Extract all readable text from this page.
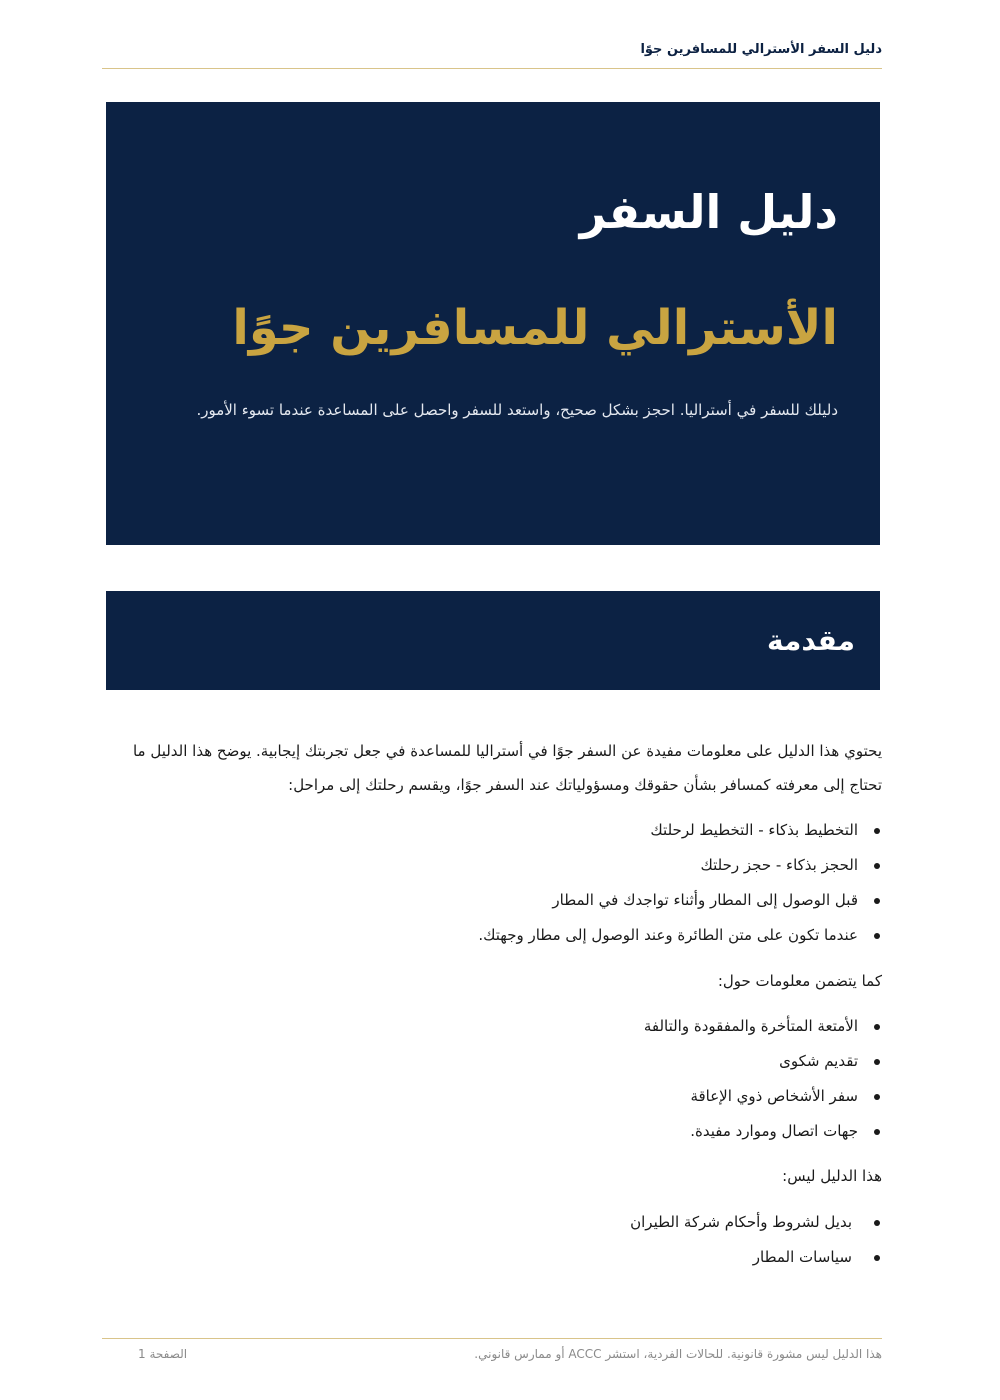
دليل السفر الأسترالي للمسافرين جوًا
دليل السفر
الأسترالي للمسافرين جوًا

دليلك للسفر في أستراليا. احجز بشكل صحيح، واستعد للسفر واحصل على المساعدة عندما تسوء الأمور.

مقدمة

يحتوي هذا الدليل على معلومات مفيدة عن السفر جوًا في أستراليا للمساعدة في جعل تجربتك إيجابية. يوضح هذا الدليل ما تحتاج إلى معرفته كمسافر بشأن حقوقك ومسؤولياتك عند السفر جوًا، ويقسم رحلتك إلى مراحل:

التخطيط بذكاء - التخطيط لرحلتك
الحجز بذكاء - حجز رحلتك
قبل الوصول إلى المطار وأثناء تواجدك في المطار
عندما تكون على متن الطائرة وعند الوصول إلى مطار وجهتك.

كما يتضمن معلومات حول:

الأمتعة المتأخرة والمفقودة والتالفة
تقديم شكوى
سفر الأشخاص ذوي الإعاقة
جهات اتصال وموارد مفيدة.

هذا الدليل ليس:

بديل لشروط وأحكام شركة الطيران
سياسات المطار
هذا الدليل ليس مشورة قانونية. للحالات الفردية، استشر ACCC أو ممارس قانوني.
الصفحة 1
